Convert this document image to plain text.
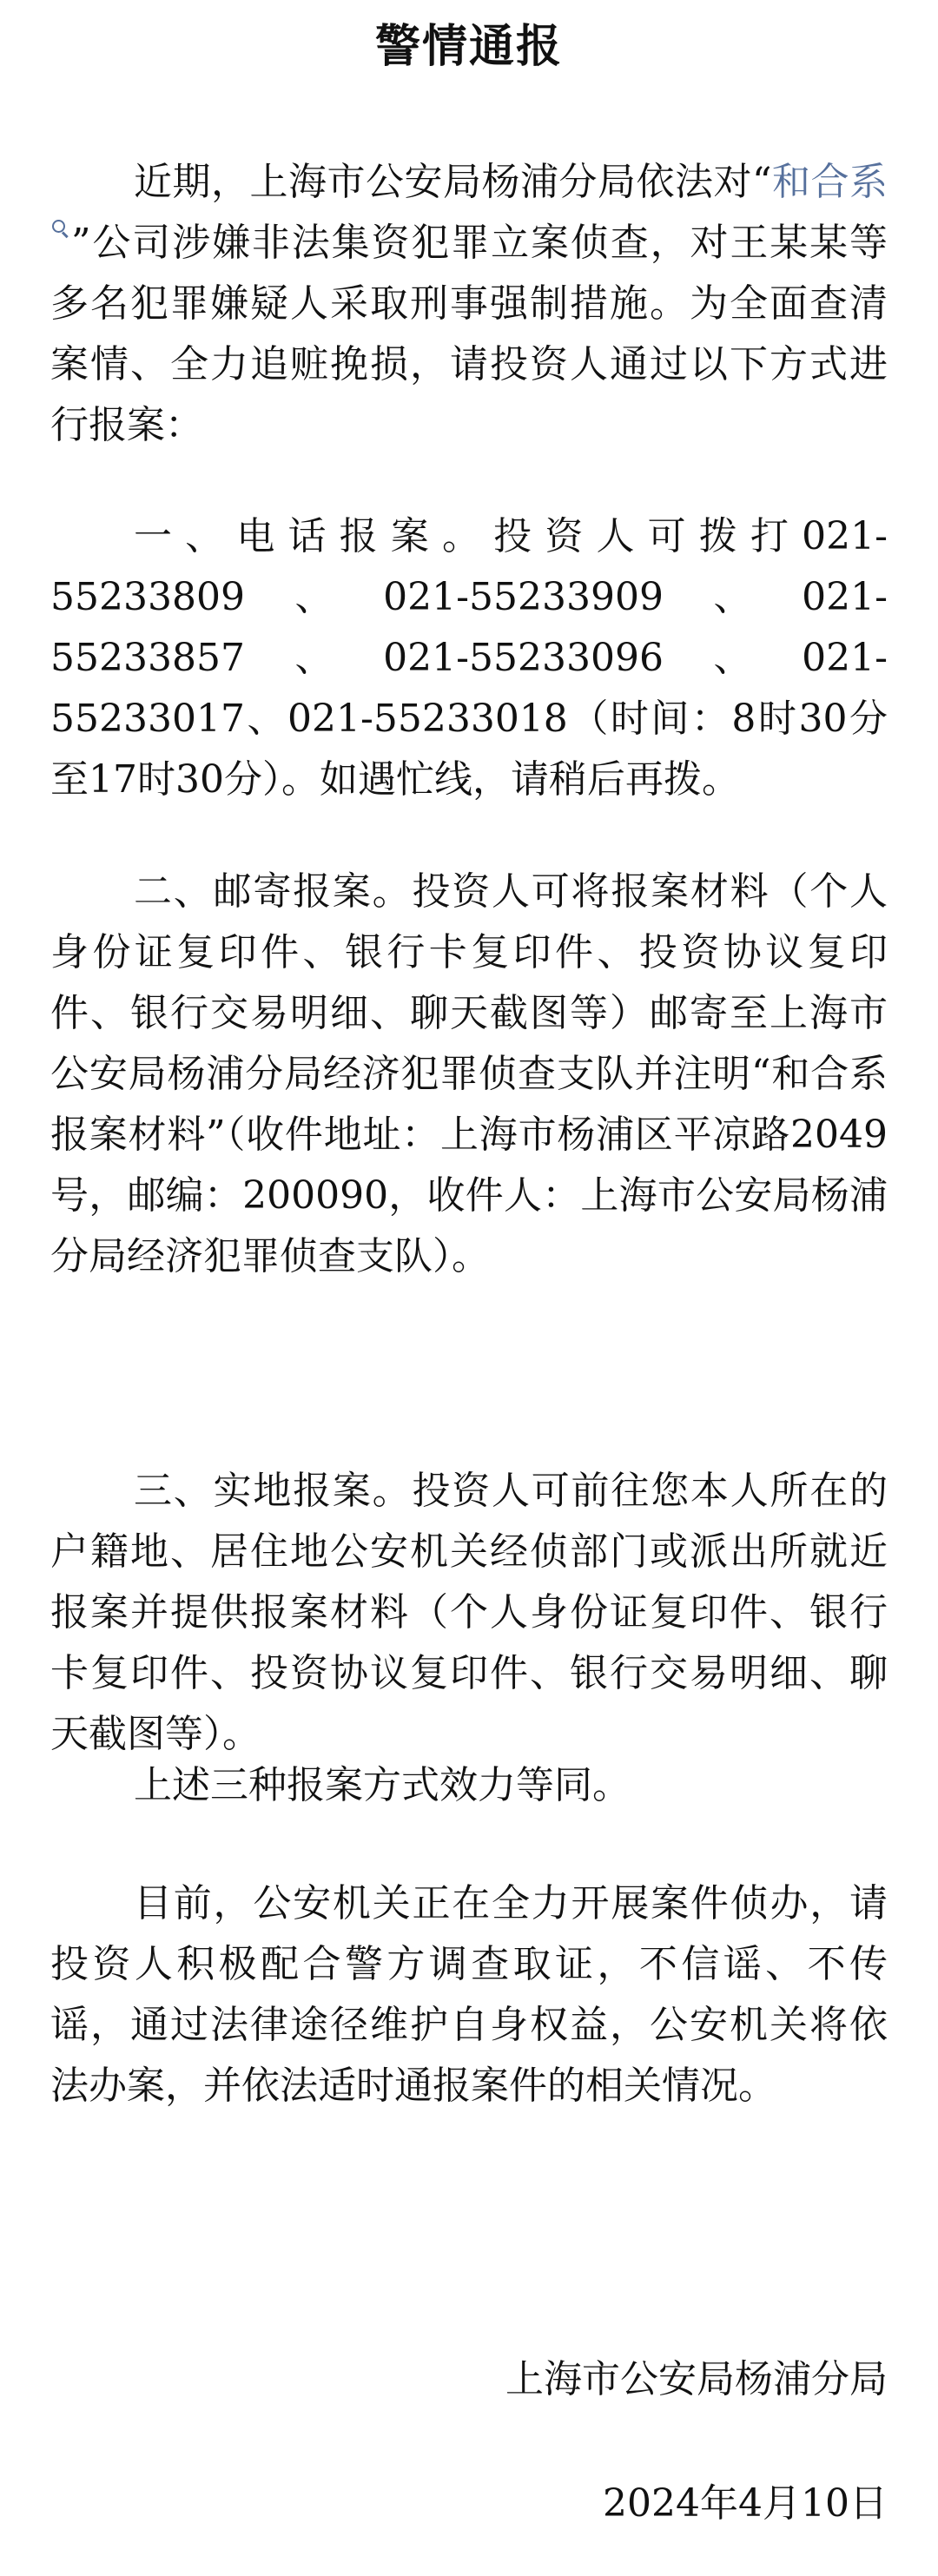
警情通报

近期，上海市公安局杨浦分局依法对“和合系”公司涉嫌非法集资犯罪立案侦查，对王某某等多名犯罪嫌疑人采取刑事强制措施。为全面查清案情、全力追赃挽损，请投资人通过以下方式进行报案：

一、电话报案。投资人可拨打021-55233809、021-55233909、021-55233857、021-55233096、021-55233017、021-55233018（时间：8时30分至17时30分）。如遇忙线，请稍后再拨。

二、邮寄报案。投资人可将报案材料（个人身份证复印件、银行卡复印件、投资协议复印件、银行交易明细、聊天截图等）邮寄至上海市公安局杨浦分局经济犯罪侦查支队并注明“和合系报案材料”（收件地址：上海市杨浦区平凉路2049号，邮编：200090，收件人：上海市公安局杨浦分局经济犯罪侦查支队）。

三、实地报案。投资人可前往您本人所在的户籍地、居住地公安机关经侦部门或派出所就近报案并提供报案材料（个人身份证复印件、银行卡复印件、投资协议复印件、银行交易明细、聊天截图等）。

上述三种报案方式效力等同。

目前，公安机关正在全力开展案件侦办，请投资人积极配合警方调查取证，不信谣、不传谣，通过法律途径维护自身权益，公安机关将依法办案，并依法适时通报案件的相关情况。

上海市公安局杨浦分局
2024年4月10日
